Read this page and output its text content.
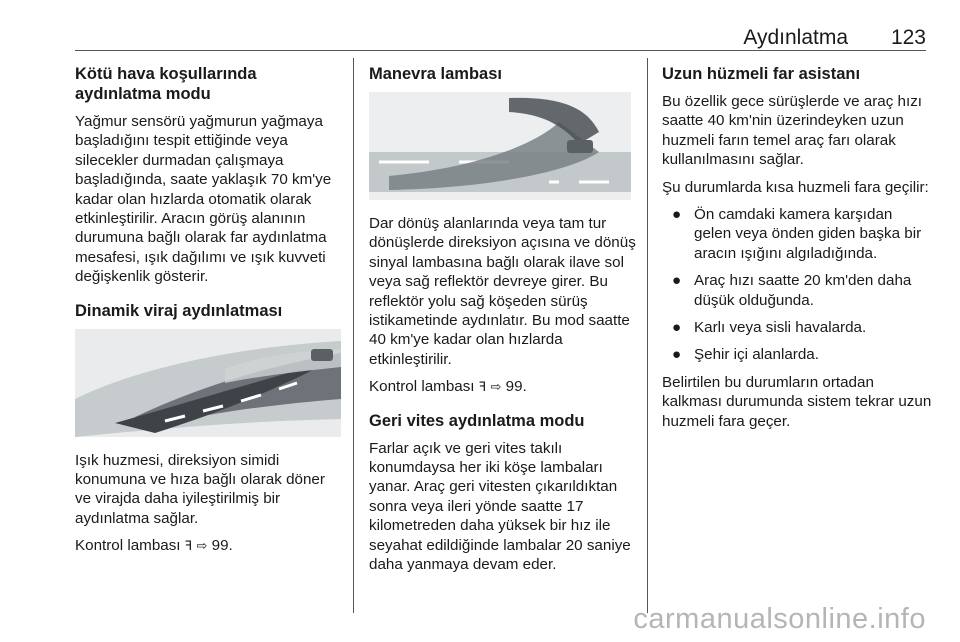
Aydınlatma 123
Kötü hava koşullarında aydınlatma modu

Yağmur sensörü yağmurun yağmaya başladığını tespit ettiğinde veya silecekler durmadan çalışmaya başladığında, saate yaklaşık 70 km'ye kadar olan hızlarda otomatik olarak etkinleştirilir. Aracın görüş alanının durumuna bağlı olarak far aydınlatma mesafesi, ışık dağılımı ve ışık kuvveti değişkenlik gösterir.

Dinamik viraj aydınlatması

Işık huzmesi, direksiyon simidi konumuna ve hıza bağlı olarak döner ve virajda daha iyileştirilmiş bir aydınlatma sağlar.

Kontrol lambası ꟻ ⇨ 99.

Manevra lambası

Dar dönüş alanlarında veya tam tur dönüşlerde direksiyon açısına ve dönüş sinyal lambasına bağlı olarak ilave sol veya sağ reflektör devreye girer. Bu reflektör yolu sağ köşeden sürüş istikametinde aydınlatır. Bu mod saatte 40 km'ye kadar olan hızlarda etkinleştirilir.

Kontrol lambası ꟻ ⇨ 99.

Geri vites aydınlatma modu

Farlar açık ve geri vites takılı konumdaysa her iki köşe lambaları yanar. Araç geri vitesten çıkarıldıktan sonra veya ileri yönde saatte 17 kilometreden daha yüksek bir hız ile seyahat edildiğinde lambalar 20 saniye daha yanmaya devam eder.

Uzun hüzmeli far asistanı

Bu özellik gece sürüşlerde ve araç hızı saatte 40 km'nin üzerindeyken uzun huzmeli farın temel araç farı olarak kullanılmasını sağlar.

Şu durumlarda kısa huzmeli fara geçilir:

● Ön camdaki kamera karşıdan gelen veya önden giden başka bir aracın ışığını algıladığında.
● Araç hızı saatte 20 km'den daha düşük olduğunda.
● Karlı veya sisli havalarda.
● Şehir içi alanlarda.

Belirtilen bu durumların ortadan kalkması durumunda sistem tekrar uzun huzmeli fara geçer.

carmanualsonline.info
